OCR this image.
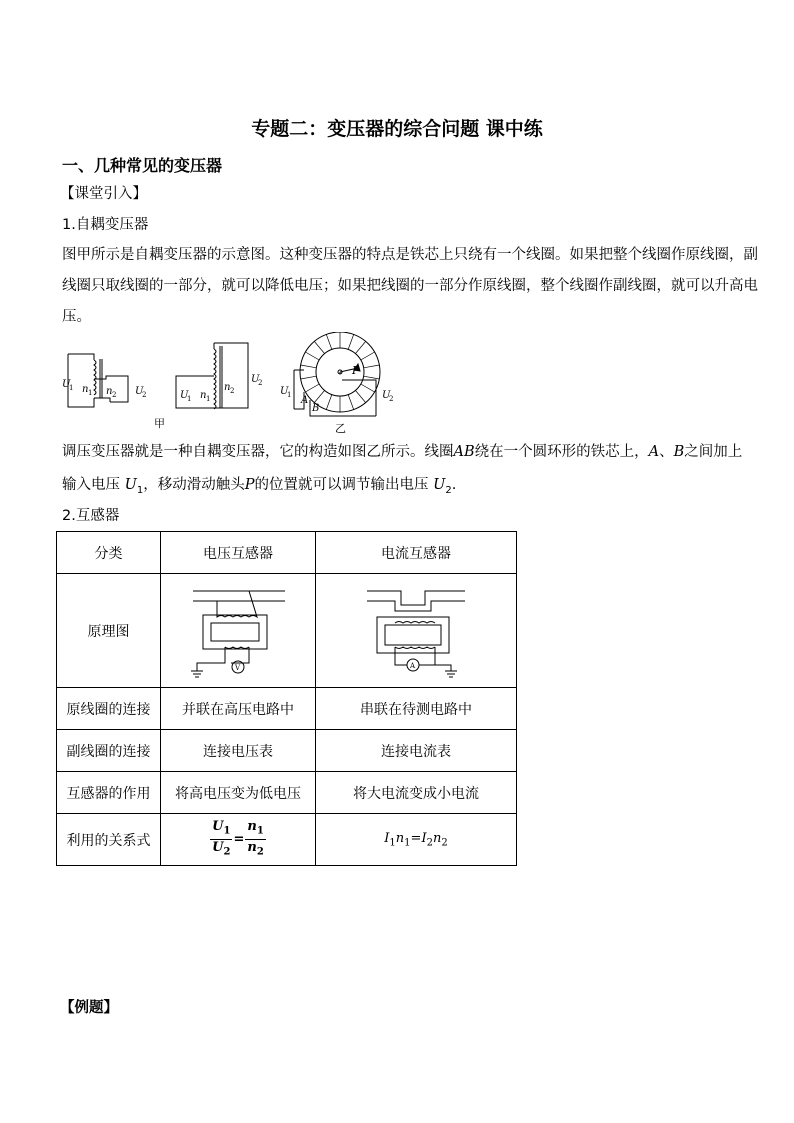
专题二：变压器的综合问题 课中练
一、几种常见的变压器
【课堂引入】
1.自耦变压器
图甲所示是自耦变压器的示意图。这种变压器的特点是铁芯上只绕有一个线圈。如果把整个线圈作原线圈，副
线圈只取线圈的一部分，就可以降低电压；如果把线圈的一部分作原线圈，整个线圈作副线圈，就可以升高电
压。
U
1 n 1 n 2 U
2	U
1 n 1
n 2
U
2
甲
P
A
B
U
1	U
2
乙
调压变压器就是一种自耦变压器，它的构造如图乙所示。线圈AB绕在一个圆环形的铁芯上，A、B之间加上
输入电压 $U_1$，移动滑动触头P的位置就可以调节输出电压 $U_2$.
2.互感器
分类	电压互感器	电流互感器
原理图	V	A

原线圈的连接	并联在高压电路中	串联在待测电路中
副线圈的连接	连接电压表	连接电流表
互感器的作用	将高电压变为低电压	将大电流变成小电流
利用的关系式	$\frac{U_1}{U_2} = \frac{n_1}{n_2}$	$I_1n_1=I_2n_2$
【例题】
